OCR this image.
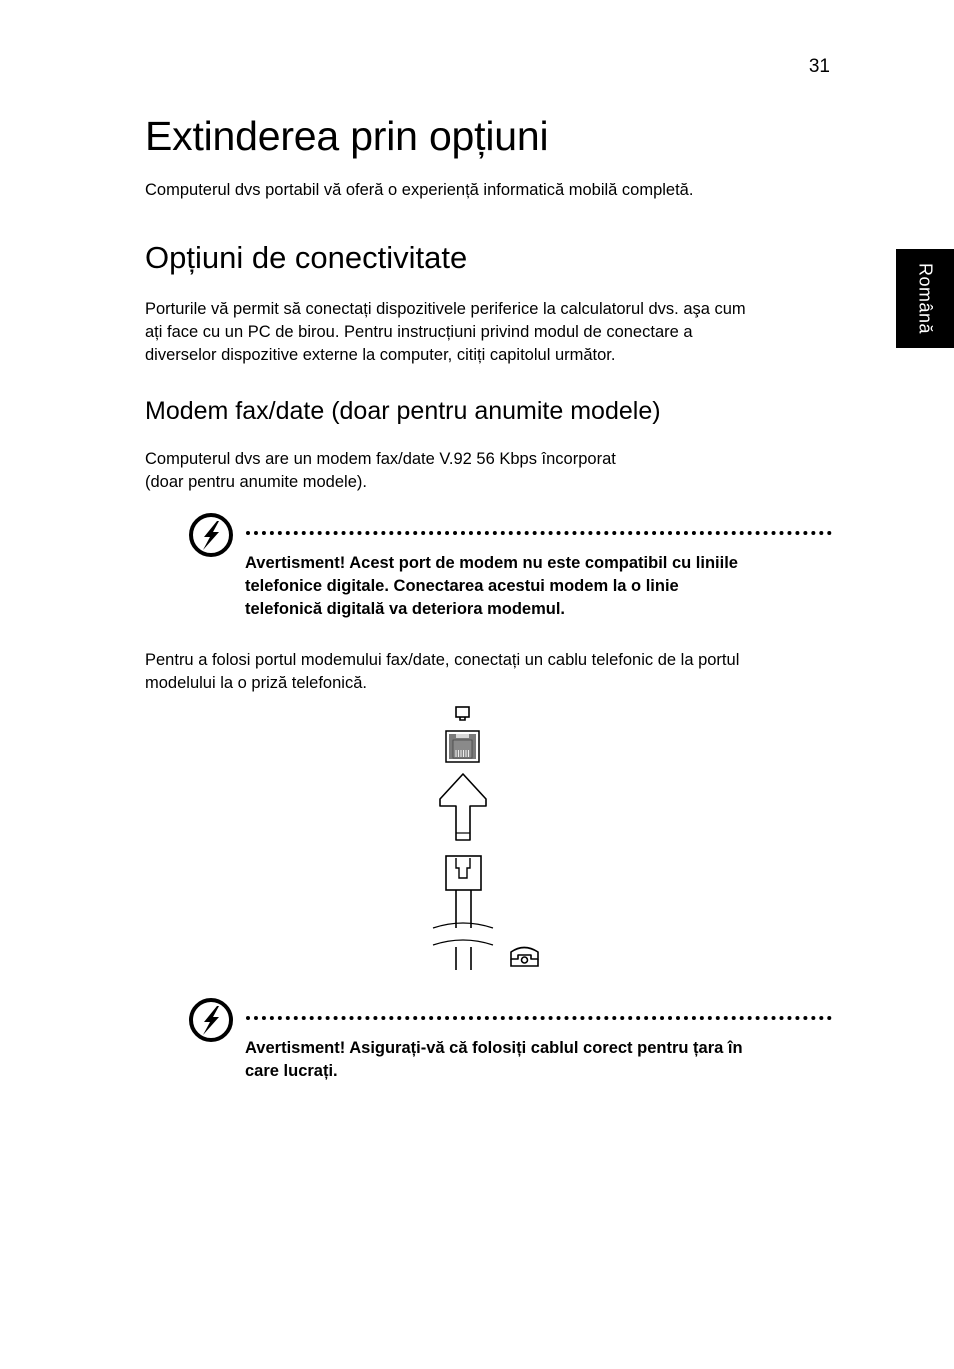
31
Română
Extinderea prin opțiuni

Computerul dvs portabil vă oferă o experiență informatică mobilă completă.

Opțiuni de conectivitate

Porturile vă permit să conectați dispozitivele periferice la calculatorul dvs. aşa cum
ați face cu un PC de birou. Pentru instrucțiuni privind modul de conectare a
diverselor dispozitive externe la computer, citiți capitolul următor.

Modem fax/date (doar pentru anumite modele)

Computerul dvs are un modem fax/date V.92 56 Kbps încorporat
(doar pentru anumite modele).

Avertisment! Acest port de modem nu este compatibil cu liniile
telefonice digitale. Conectarea acestui modem la o linie
telefonică digitală va deteriora modemul.

Pentru a folosi portul modemului fax/date, conectați un cablu telefonic de la portul
modelului la o priză telefonică.

Avertisment! Asigurați-vă că folosiți cablul corect pentru țara în
care lucrați.
